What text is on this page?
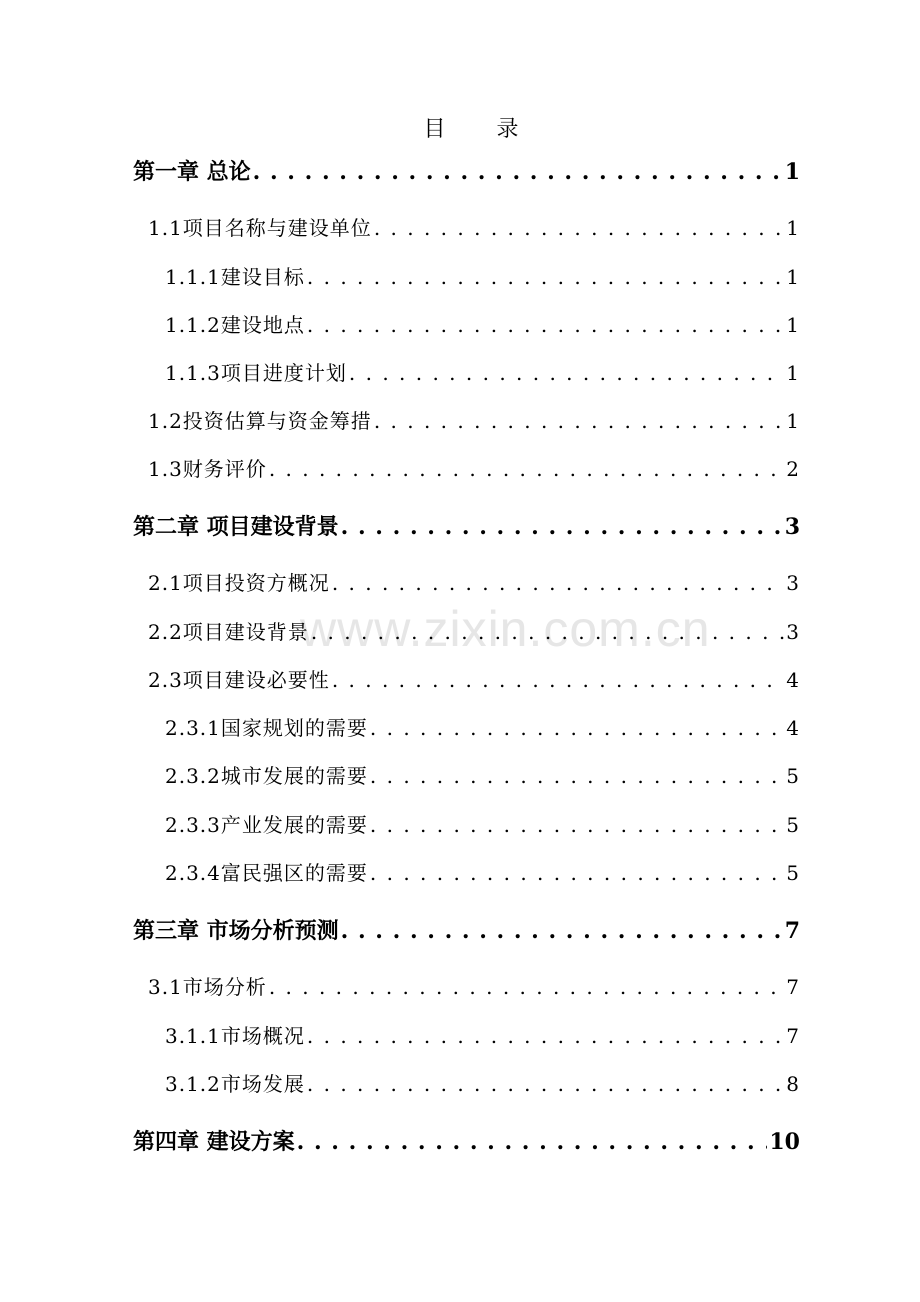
www.zixin.com.cn
目 录
第一章 总论 . . .	1
1.1项目名称与建设单位 . . .	1
1.1.1建设目标 . . .	1
1.1.2建设地点 . . .	1
1.1.3项目进度计划 . . .	1
1.2投资估算与资金筹措 . . .	1
1.3财务评价 . . .	2
第二章 项目建设背景 . . .	3
2.1项目投资方概况 . . .	3
2.2项目建设背景 . . .	3
2.3项目建设必要性 . . .	4
2.3.1国家规划的需要 . . .	4
2.3.2城市发展的需要 . . .	5
2.3.3产业发展的需要 . . .	5
2.3.4富民强区的需要 . . .	5
第三章 市场分析预测 . . .	7
3.1市场分析 . . .	7
3.1.1市场概况 . . .	7
3.1.2市场发展 . . .	8
第四章 建设方案 . . .	10
